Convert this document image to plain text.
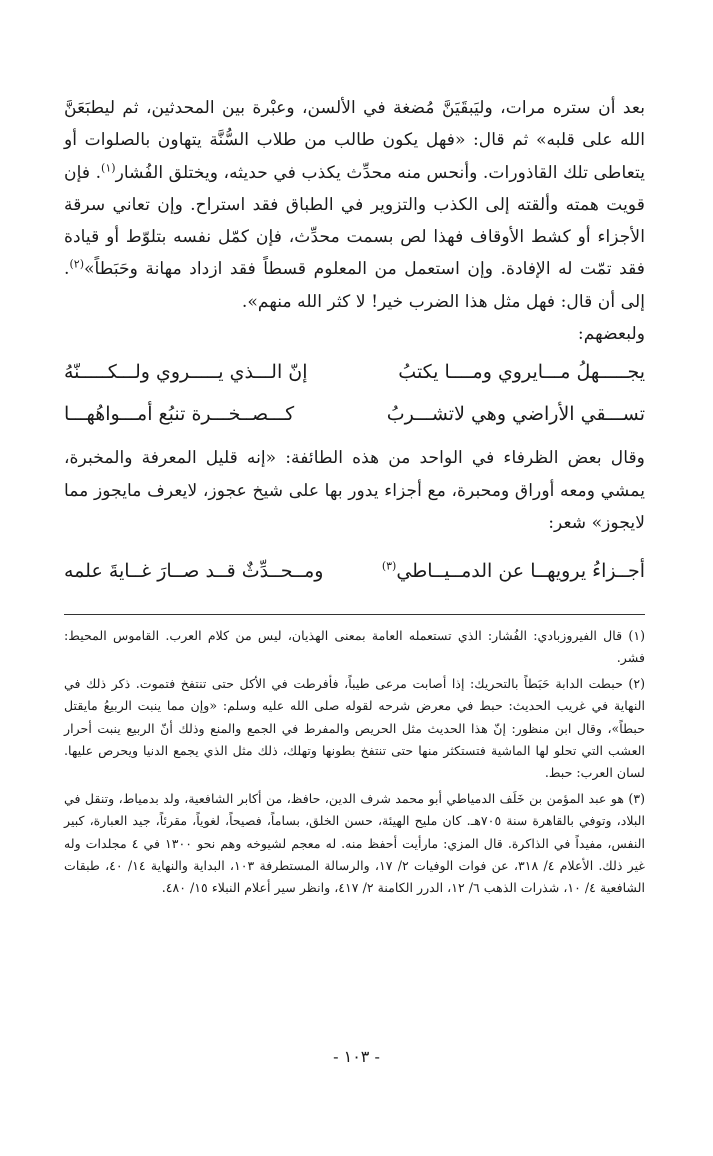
بعد أن ستره مرات، وليَبقَيَنَّ مُضغة في الألسن، وعبْرة بين المحدثين، ثم ليطبَعَنَّ الله على قلبه» ثم قال: «فهل يكون طالب من طلاب السُّنَّة يتهاون بالصلوات أو يتعاطى تلك القاذورات. وأنحس منه محدِّث يكذب في حديثه، ويختلق الفُشار$^{(١)}$. فإن قويت همته وألقته إلى الكذب والتزوير في الطباق فقد استراح. وإن تعاني سرقة الأجزاء أو كشط الأوقاف فهذا لص بسمت محدِّث، فإن كمّل نفسه بتلوّط أو قيادة فقد تمّت له الإفادة. وإن استعمل من المعلوم قسطاً فقد ازداد مهانة وحَبَطاً»$^{(٢)}$. إلى أن قال: فهل مثل هذا الضرب خير! لا كثر الله منهم».

ولبعضهم:

إنّ الـــذي يـــــروي ولـــكـــــنّهُ	يجـــــهلُ مـــايروي ومــــا يكتبُ
كـــصــخـــرة تنبُع أمـــواهُهـــا	تســـقي الأراضي وهي لاتشـــربُ

وقال بعض الظرفاء في الواحد من هذه الطائفة: «إنه قليل المعرفة والمخبرة، يمشي ومعه أوراق ومحبرة، مع أجزاء يدور بها على شيخ عجوز، لايعرف مايجوز مما لايجوز» شعر:

ومــحــدِّثٌ قــد صــارَ غــايةَ علمه	أجــزاءُ يرويهــا عن الدمــيــاطي$^{(٣)}$

(١) قال الفيروزبادي: الفُشار: الذي تستعمله العامة بمعنى الهذيان، ليس من كلام العرب. القاموس المحيط: فشر.

(٢) حبطت الدابة حَبَطاً بالتحريك: إذا أصابت مرعى طيباً، فأفرطت في الأكل حتى تنتفخ فتموت. ذكر ذلك في النهاية في غريب الحديث: حبط في معرض شرحه لقوله صلى الله عليه وسلم: «وإن مما ينبت الربيعُ مايقتل حبطاً»، وقال ابن منظور: إنّ هذا الحديث مثل الحريص والمفرط في الجمع والمنع وذلك أنّ الربيع ينبت أحرار العشب التي تحلو لها الماشية فتستكثر منها حتى تنتفخ بطونها وتهلك، ذلك مثل الذي يجمع الدنيا ويحرص عليها. لسان العرب: حبط.

(٣) هو عبد المؤمن بن خَلَف الدمياطي أبو محمد شرف الدين، حافظ، من أكابر الشافعية، ولد بدمياط، وتنقل في البلاد، وتوفي بالقاهرة سنة ٧٠٥هـ. كان مليح الهيئة، حسن الخلق، بساماً، فصيحاً، لغوياً، مقرئاً، جيد العبارة، كبير النفس، مفيداً في الذاكرة. قال المزي: مارأيت أحفظ منه. له معجم لشيوخه وهم نحو ١٣٠٠ في ٤ مجلدات وله غير ذلك. الأعلام ٤/ ٣١٨، عن فوات الوفيات ٢/ ١٧، والرسالة المستطرفة ١٠٣، البداية والنهاية ١٤/ ٤٠، طبقات الشافعية ٤/ ١٠، شذرات الذهب ٦/ ١٢، الدرر الكامنة ٢/ ٤١٧، وانظر سير أعلام النبلاء ١٥/ ٤٨٠.

- ١٠٣ -
